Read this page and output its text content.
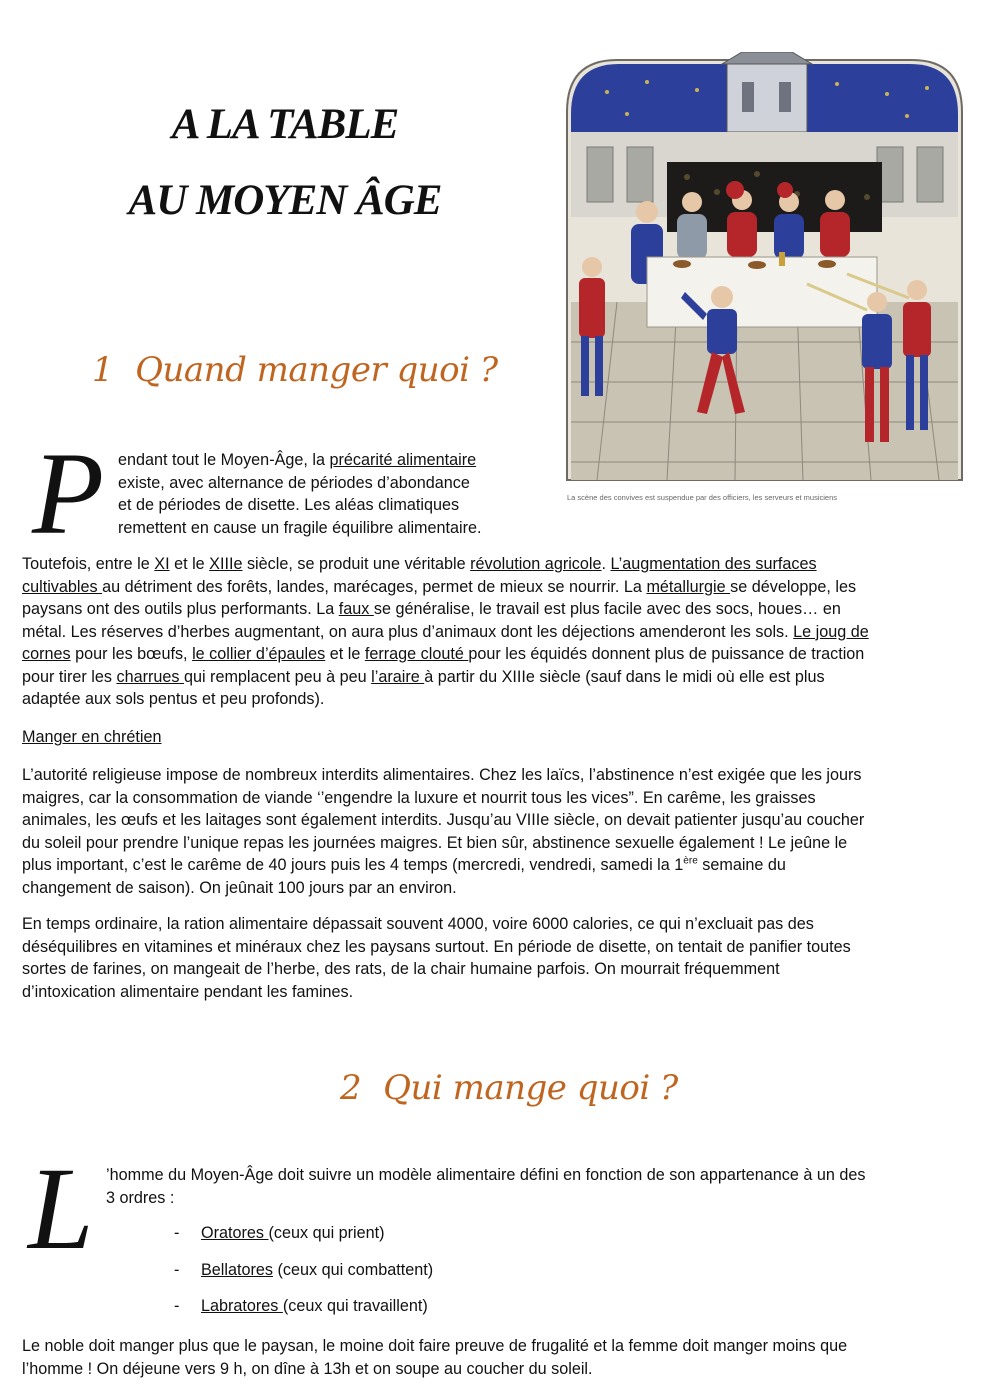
A LA TABLE
AU MOYEN ÂGE
La scène des convives est suspendue par des officiers, les serveurs et musiciens
1 Quand manger quoi ?
P endant tout le Moyen-Âge, la précarité alimentaire
existe, avec alternance de périodes d’abondance
et de périodes de disette. Les aléas climatiques
remettent en cause un fragile équilibre alimentaire.
Toutefois, entre le XI et le XIIIe siècle, se produit une véritable révolution agricole. L’augmentation des surfaces
cultivables au détriment des forêts, landes, marécages, permet de mieux se nourrir. La métallurgie se développe, les
paysans ont des outils plus performants. La faux se généralise, le travail est plus facile avec des socs, houes… en
métal. Les réserves d’herbes augmentant, on aura plus d’animaux dont les déjections amenderont les sols. Le joug de
cornes pour les bœufs, le collier d’épaules et le ferrage clouté pour les équidés donnent plus de puissance de traction
pour tirer les charrues qui remplacent peu à peu l’araire à partir du XIIIe siècle (sauf dans le midi où elle est plus
adaptée aux sols pentus et peu profonds).
Manger en chrétien
L’autorité religieuse impose de nombreux interdits alimentaires. Chez les laïcs, l’abstinence n’est exigée que les jours
maigres, car la consommation de viande ‘’engendre la luxure et nourrit tous les vices”. En carême, les graisses
animales, les œufs et les laitages sont également interdits. Jusqu’au VIIIe siècle, on devait patienter jusqu’au coucher
du soleil pour prendre l’unique repas les journées maigres. Et bien sûr, abstinence sexuelle également ! Le jeûne le
plus important, c’est le carême de 40 jours puis les 4 temps (mercredi, vendredi, samedi la 1ère semaine du
changement de saison). On jeûnait 100 jours par an environ.
En temps ordinaire, la ration alimentaire dépassait souvent 4000, voire 6000 calories, ce qui n’excluait pas des
déséquilibres en vitamines et minéraux chez les paysans surtout. En période de disette, on tentait de panifier toutes
sortes de farines, on mangeait de l’herbe, des rats, de la chair humaine parfois. On mourrait fréquemment
d’intoxication alimentaire pendant les famines.
2 Qui mange quoi ?
L ’homme du Moyen-Âge doit suivre un modèle alimentaire défini en fonction de son appartenance à un des
3 ordres :
- Oratores (ceux qui prient)
- Bellatores (ceux qui combattent)
- Labratores (ceux qui travaillent)
Le noble doit manger plus que le paysan, le moine doit faire preuve de frugalité et la femme doit manger moins que
l’homme ! On déjeune vers 9 h, on dîne à 13h et on soupe au coucher du soleil.
